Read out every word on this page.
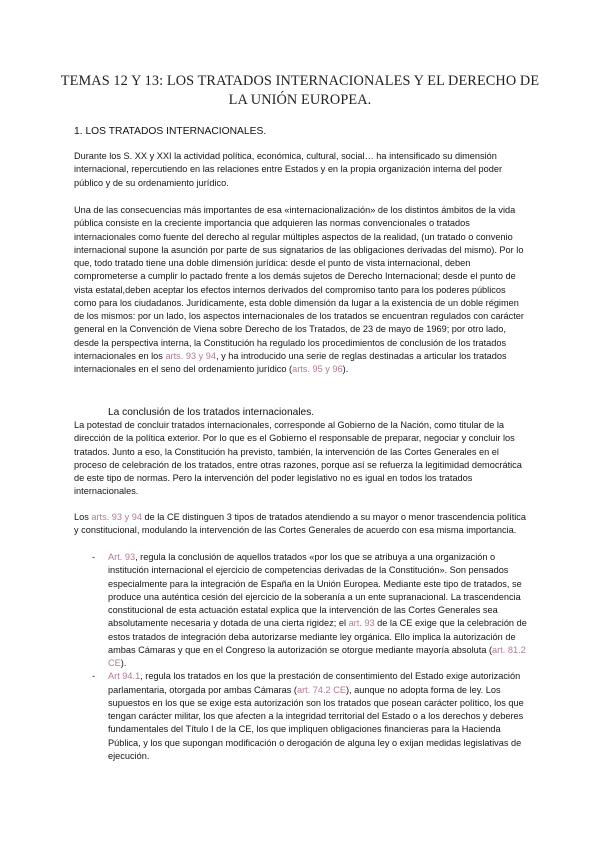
TEMAS 12 Y 13: LOS TRATADOS INTERNACIONALES Y EL DERECHO DE LA UNIÓN EUROPEA.
1. LOS TRATADOS INTERNACIONALES.

Durante los S. XX y XXI la actividad política, económica, cultural, social… ha intensificado su dimensión internacional, repercutiendo en las relaciones entre Estados y en la propia organización interna del poder público y de su ordenamiento jurídico.

Una de las consecuencias más importantes de esa «internacionalización» de los distintos ámbitos de la vida pública consiste en la creciente importancia que adquieren las normas convencionales o tratados internacionales como fuente del derecho al regular múltiples aspectos de la realidad, (un tratado o convenio internacional supone la asunción por parte de sus signatarios de las obligaciones derivadas del mismo). Por lo que, todo tratado tiene una doble dimensión jurídica: desde el punto de vista internacional, deben comprometerse a cumplir lo pactado frente a los demás sujetos de Derecho Internacional; desde el punto de vista estatal,deben aceptar los efectos internos derivados del compromiso tanto para los poderes públicos como para los ciudadanos. Jurídicamente, esta doble dimensión da lugar a la existencia de un doble régimen de los mismos: por un lado, los aspectos internacionales de los tratados se encuentran regulados con carácter general en la Convención de Viena sobre Derecho de los Tratados, de 23 de mayo de 1969; por otro lado, desde la perspectiva interna, la Constitución ha regulado los procedimientos de conclusión de los tratados internacionales en los arts. 93 y 94, y ha introducido una serie de reglas destinadas a articular los tratados internacionales en el seno del ordenamiento jurídico (arts. 95 y 96).

La conclusión de los tratados internacionales.

La potestad de concluir tratados internacionales, corresponde al Gobierno de la Nación, como titular de la dirección de la política exterior. Por lo que es el Gobierno el responsable de preparar, negociar y concluir los tratados. Junto a eso, la Constitución ha previsto, también, la intervención de las Cortes Generales en el proceso de celebración de los tratados, entre otras razones, porque así se refuerza la legitimidad democrática de este tipo de normas. Pero la intervención del poder legislativo no es igual en todos los tratados internacionales.

Los arts. 93 y 94 de la CE distinguen 3 tipos de tratados atendiendo a su mayor o menor trascendencia política y constitucional, modulando la intervención de las Cortes Generales de acuerdo con esa misma importancia.

- Art. 93, regula la conclusión de aquellos tratados «por los que se atribuya a una organización o institución internacional el ejercicio de competencias derivadas de la Constitución». Son pensados especialmente para la integración de España en la Unión Europea. Mediante este tipo de tratados, se produce una auténtica cesión del ejercicio de la soberanía a un ente supranacional. La trascendencia constitucional de esta actuación estatal explica que la intervención de las Cortes Generales sea absolutamente necesaria y dotada de una cierta rigidez; el art. 93 de la CE exige que la celebración de estos tratados de integración deba autorizarse mediante ley orgánica. Ello implica la autorización de ambas Cámaras y que en el Congreso la autorización se otorgue mediante mayoría absoluta (art. 81.2 CE).
- Art 94.1, regula los tratados en los que la prestación de consentimiento del Estado exige autorización parlamentaria, otorgada por ambas Cámaras (art. 74.2 CE), aunque no adopta forma de ley. Los supuestos en los que se exige esta autorización son los tratados que posean carácter político, los que tengan carácter militar, los que afecten a la integridad territorial del Estado o a los derechos y deberes fundamentales del Título I de la CE, los que impliquen obligaciones financieras para la Hacienda Pública, y los que supongan modificación o derogación de alguna ley o exijan medidas legislativas de ejecución.
